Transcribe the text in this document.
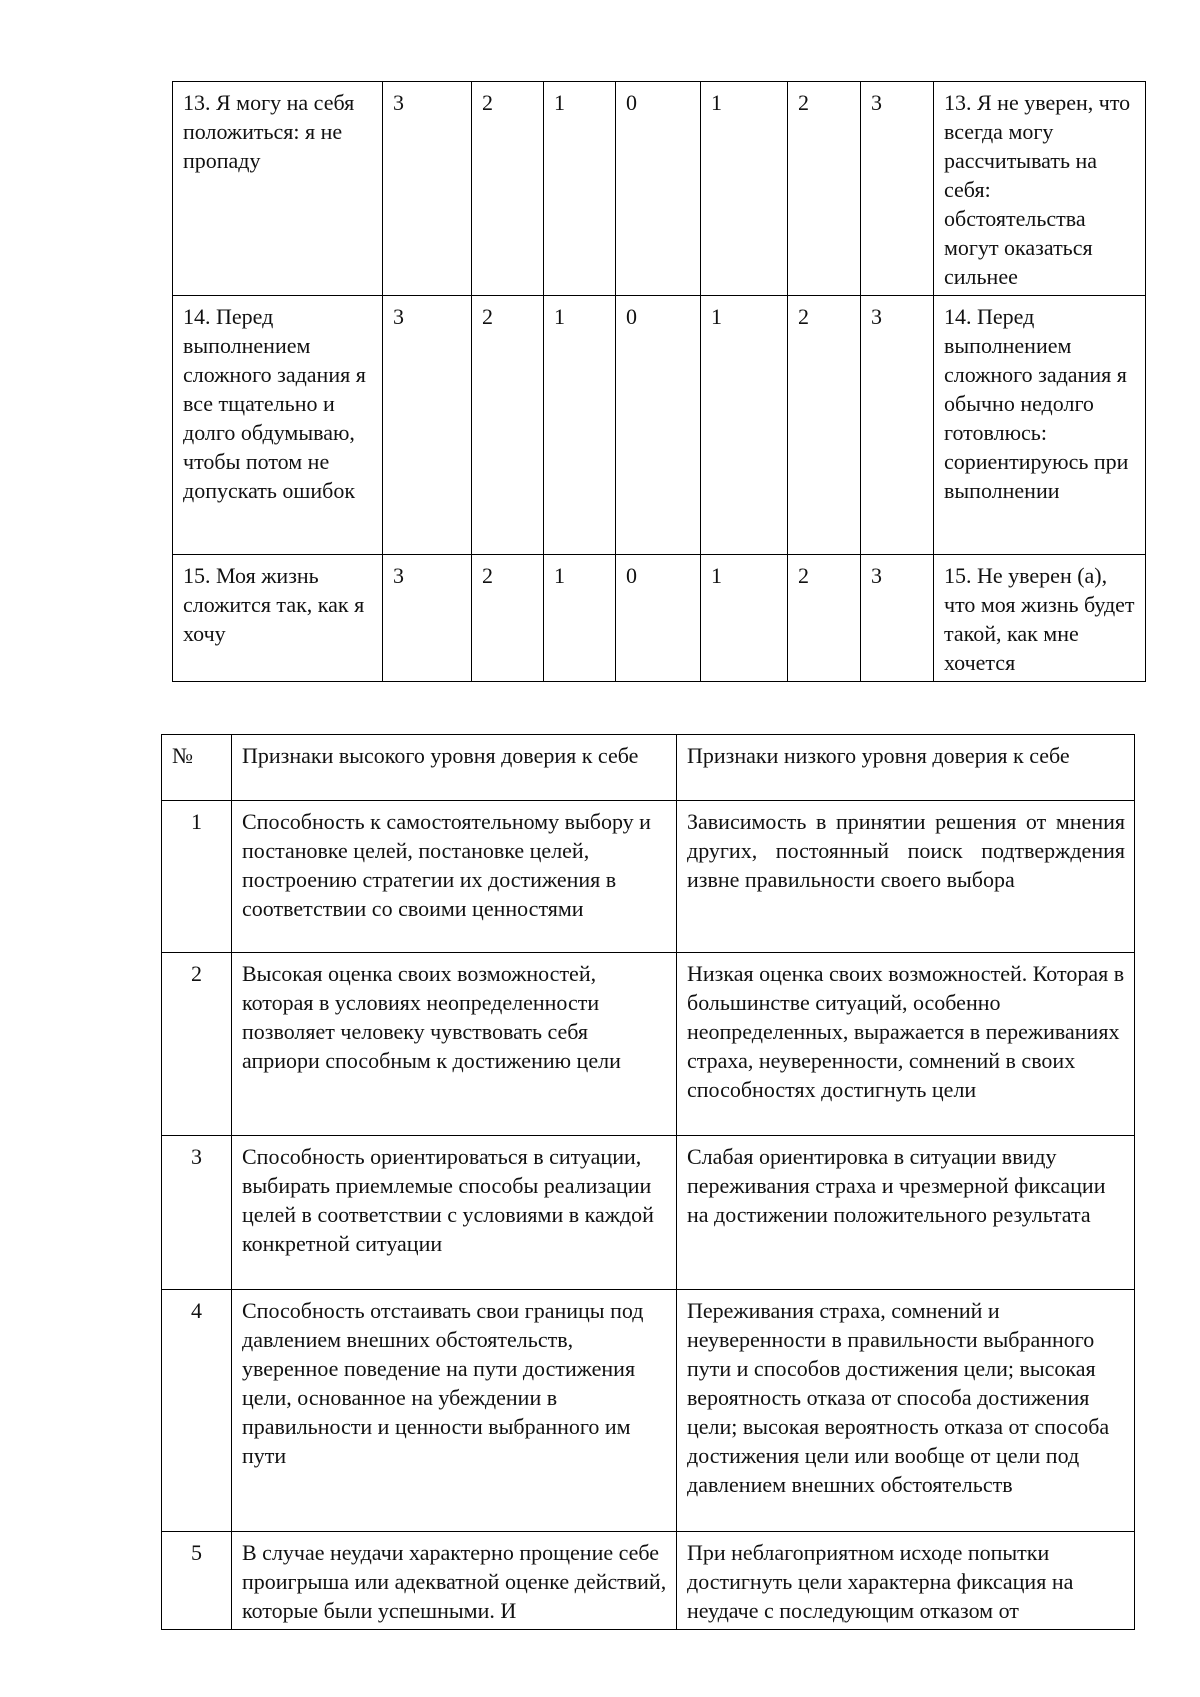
13. Я могу на себя положиться: я не пропаду	3	2	1	0	1	2	3	13. Я не уверен, что всегда могу рассчитывать на себя: обстоятельства могут оказаться сильнее
14. Перед выполнением сложного задания я все тщательно и долго обдумываю, чтобы потом не допускать ошибок	3	2	1	0	1	2	3	14. Перед выполнением сложного задания я обычно недолго готовлюсь: сориентируюсь при выполнении
15. Моя жизнь сложится так, как я хочу	3	2	1	0	1	2	3	15. Не уверен (а), что моя жизнь будет такой, как мне хочется
№	Признаки высокого уровня доверия к себе	Признаки низкого уровня доверия к себе
1	Способность к самостоятельному выбору и постановке целей, постановке целей, построению стратегии их достижения в соответствии со своими ценностями	Зависимость в принятии решения от мнения других, постоянный поиск подтверждения извне правильности своего выбора
2	Высокая оценка своих возможностей, которая в условиях неопределенности позволяет человеку чувствовать себя априори способным к достижению цели	Низкая оценка своих возможностей. Которая в большинстве ситуаций, особенно неопределенных, выражается в переживаниях страха, неуверенности, сомнений в своих способностях достигнуть цели
3	Способность ориентироваться в ситуации, выбирать приемлемые способы реализации целей в соответствии с условиями в каждой конкретной ситуации	Слабая ориентировка в ситуации ввиду переживания страха и чрезмерной фиксации на достижении положительного результата
4	Способность отстаивать свои границы под давлением внешних обстоятельств, уверенное поведение на пути достижения цели, основанное на убеждении в правильности и ценности выбранного им пути	Переживания страха, сомнений и неуверенности в правильности выбранного пути и способов достижения цели; высокая вероятность отказа от способа достижения цели; высокая вероятность отказа от способа достижения цели или вообще от цели под давлением внешних обстоятельств
5	В случае неудачи характерно прощение себе проигрыша или адекватной оценке действий, которые были успешными. И	При неблагоприятном исходе попытки достигнуть цели характерна фиксация на неудаче с последующим отказом от
